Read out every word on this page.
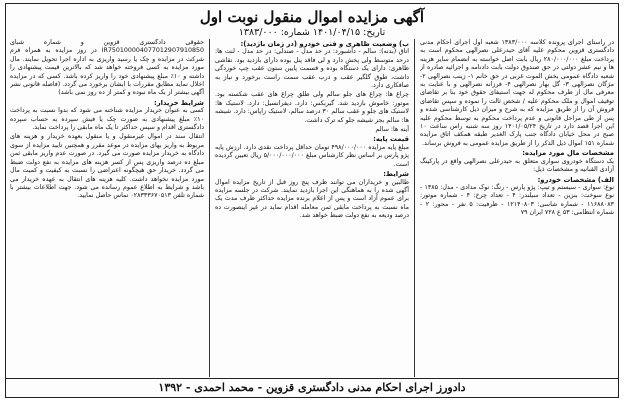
آگهی مزایده اموال منقول نوبت اول
تاریخ: ۱۴۰۱/۰۴/۱۵ شماره: ۱۳۸۳/۰۰۰

در راستای اجرای پرونده کلاسه ۱۳۸۳/۰۰۰ شعبه اول اجرای احکام مدنی دادگستری قزوین محکوم علیه آقای حیدرعلی نصرالهی محکوم است به پرداخت مبلغ ۲۸۰/۰۰۰/۰۰۰ ریال بابت اصل خواسته به انضمام سایر هزینه ها و نیم عشر دولتی در حق صندوق دولت بابت دادنامه و اجرائیه صادره از شعبه دادگاه عمومی بخش الموت غربی در حق خانم ۱- زینب نصرالهی ۲- مژگان نصرالهی ۳- گل بهار نصرالهی ۴- فرزانه نصرالهی و با عنایت به معرفی مال از طرف محکوم له جهت استیفای حقوق خود بنا بر تقاضای توقیف اموال و ملک محکوم علیه / شخص ثالث را نموده و سپس تقاضای فروش آن را از طریق مزایده که به شرح و میزان ذیل کارشناسی شده و پس از طی مراحل قانونی و عدم پرداخت محکوم به توسط محکوم علیه این اجرا قصد دارد در تاریخ ۱۴۰۱/۰۵/۲۴ روز سه شنبه راس ساعت ۱۰ صبح در محل خیابان دادگاه جنب پارک الغدیر طبقه همکف اتاق مزایده شماره ۱۵۱ اموال ذیل الذکر را از طریق مزایده عمومی به فروش برساند.

مشخصات مال مورد مزایده:

یک دستگاه خودروی سواری متعلق به حیدرعلی نصرالهی واقع در پارکینگ آزادی القبانیه و مشخصات ذیل:

الف) مشخصات خودرو:

نوع: سواری - سیستم و تیپ: پژو پارس - رنگ: نوک مدادی - مدل: ۱۳۸۵ - نوع سوخت: بنزین - تعداد سیلندر: ۴ - تعداد چرخ: ۴ - شماره موتور: ۱۱۶۸۸۰۸۳ - شماره شاسی: ۱۲۱۴۰۸۰۳ - ظرفیت: ۵ نفر - محور: ۲ - شماره انتظامی: ۵۳ ع ۷۲۸ ایران ۷۹

ب) وضعیت ظاهری و فنی خودرو (در زمان بازدید):

اتاق (بدنه): سالم - داشبورد: در حد مدل - صندلی: در حد مدل - لنت ها: درحد متوسط ولی پخش دارد و لی فاقد پنل بوده دارای بازدید بود. نقاشی ظاهری: دارای یک دستگاه بوده و قسمت پایین ستون عقب چپ خوردگی داشت، طوق گلگیر عقب و درب عقب سمت راست برخورد و نیاز به صافکاری دارد.

چراغ ها: چراغ های جلو سالم ولی طلق چراغ های عقب شکسته بود. موتور: خاموش بازدید شد. گیربکس: دارد. دیفرانسیل: دارد. لاستیک ها: لاستیک های جلو و عقب سالم ۳۰ درصد سالم، لاستیک زاپاس: دارد. شیشه ها: سالم بجز شیشه جلو که ترک داشت.

آینه ها: سالم

قیمت پایه:

مبلغ پایه مزایده ۴۹۸/۰۰۰/۰۰۰ تومان حداقل پرداخت نقدی دارد. ارزش پایه پژو پارس بر اساس نظر کارشناس مبلغ ۵/۰۰۰/۰۰۰/۰۰۰ ریال تعیین گردیده است.

شرایط:

طالبین و خریداران می توانند ظرف پنج روز قبل از تاریخ مزایده اموال آگهی شده را به هماهنگی این اجرا بازدید نمایند. شرکت در جلسه مزایده برای عموم آزاد است و پس از اعلام برنده مزایده حداکثر ظرف مدت یک ماه نسبت به پرداخت مابقی ثمن معامله اقدام نماید در غیر اینصورت ده درصد ودیعه به نفع دولت ضبط خواهد شد.

حقوقی دادگستری قزوین و شماره شبای IR750100004077012907910850 در روز مزایده به همراه فرم شرکت در مزایده و چک یا رسید واریزی به اداره اجرا تحویل نمایند. مال مورد مزایده به کسی فروخته خواهد شد که بالاترین قیمت پیشنهادی را داشته و ۱۰٪ مبلغ پیشنهادی خود را واریز کرده باشد. کسی که در مزایده اخلال نماید مطابق مقررات با ایشان برخورد می گردد. (فاصله قانونی نشر آگهی بیشتر از یک ماه نبوده و کمتر از ده روز نمی باشد)

شرایط خریدار:

کسی به عنوان خریدار مزایده شناخته می شود که بدوا نسبت به پرداخت ۱۰٪ مبلغ پیشنهادی به صورت چک یا فیش سپرده به حساب سپرده دادگستری اقدام و سپس حداکثر تا یک ماه مابقی را پرداخت نماید.

انتقال سند در اموال غیرمنقول و یا منقول بعهده خریدار و هزینه های مربوط به واریز بهای مزایده در موعد مقرر و همچنین تایید مزایده از سوی دادگاه به خریدار مزایده صورت می گیرد. در صورت عدم واریز مابقی ثمن مبلغ ده درصد واریزی پس از کسر هزینه های مزایده به نفع دولت ضبط می گردد. خریدار حق هیچگونه اعتراضی را نسبت به کیفیت و کمیت مال مورد مزایده نخواهد داشت. کلیه هزینه های انتقال به عهده خریدار می باشد و شرایط به اطلاع عموم رسانده می شود. جهت اطلاعات بیشتر با شماره تلفن ۰۲۸۳۳۳۶۷۰۵۱۳ تماس حاصل نمایید.

دادورز اجرای احکام مدنی دادگستری قزوین - محمد احمدی - ۱۳۹۲
